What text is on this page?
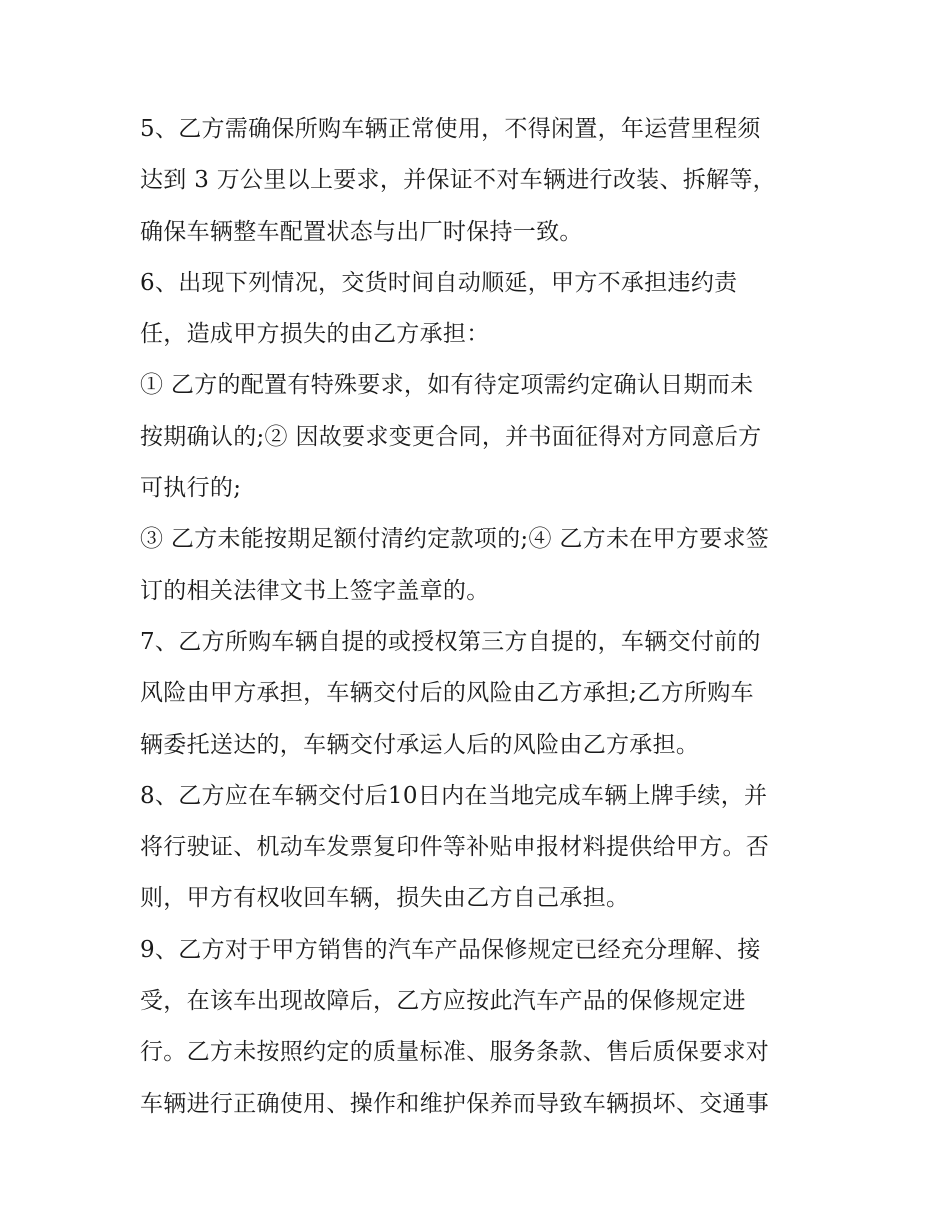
5、乙方需确保所购车辆正常使用，不得闲置，年运营里程须
达到 3 万公里以上要求，并保证不对车辆进行改装、拆解等，
确保车辆整车配置状态与出厂时保持一致。
6、出现下列情况，交货时间自动顺延，甲方不承担违约责
任，造成甲方损失的由乙方承担：
① 乙方的配置有特殊要求，如有待定项需约定确认日期而未
按期确认的;② 因故要求变更合同，并书面征得对方同意后方
可执行的;
③ 乙方未能按期足额付清约定款项的;④ 乙方未在甲方要求签
订的相关法律文书上签字盖章的。
7、乙方所购车辆自提的或授权第三方自提的，车辆交付前的
风险由甲方承担，车辆交付后的风险由乙方承担;乙方所购车
辆委托送达的，车辆交付承运人后的风险由乙方承担。
8、乙方应在车辆交付后10日内在当地完成车辆上牌手续，并
将行驶证、机动车发票复印件等补贴申报材料提供给甲方。否
则，甲方有权收回车辆，损失由乙方自己承担。
9、乙方对于甲方销售的汽车产品保修规定已经充分理解、接
受，在该车出现故障后，乙方应按此汽车产品的保修规定进
行。乙方未按照约定的质量标准、服务条款、售后质保要求对
车辆进行正确使用、操作和维护保养而导致车辆损坏、交通事
